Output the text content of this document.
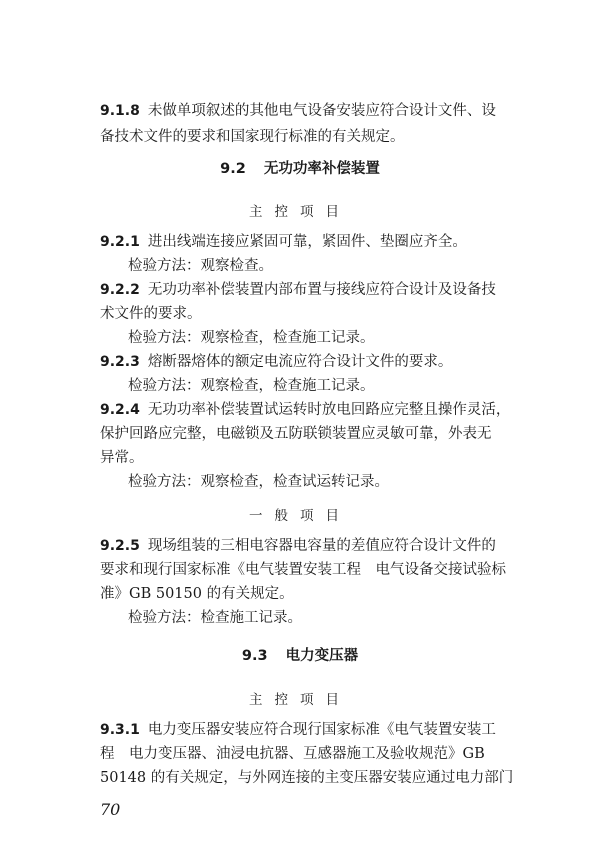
9.1.8 未做单项叙述的其他电气设备安装应符合设计文件、设
备技术文件的要求和国家现行标准的有关规定。
9.2 无功功率补偿装置
主控项目
9.2.1 进出线端连接应紧固可靠，紧固件、垫圈应齐全。
检验方法：观察检查。
9.2.2 无功功率补偿装置内部布置与接线应符合设计及设备技
术文件的要求。
检验方法：观察检查，检查施工记录。
9.2.3 熔断器熔体的额定电流应符合设计文件的要求。
检验方法：观察检查，检查施工记录。
9.2.4 无功功率补偿装置试运转时放电回路应完整且操作灵活，
保护回路应完整，电磁锁及五防联锁装置应灵敏可靠，外表无
异常。
检验方法：观察检查，检查试运转记录。
一般项目
9.2.5 现场组装的三相电容器电容量的差值应符合设计文件的
要求和现行国家标准《电气装置安装工程　电气设备交接试验标
准》GB 50150 的有关规定。
检验方法：检查施工记录。
9.3 电力变压器
主控项目
9.3.1 电力变压器安装应符合现行国家标准《电气装置安装工
程　电力变压器、油浸电抗器、互感器施工及验收规范》GB
50148 的有关规定，与外网连接的主变压器安装应通过电力部门
70
